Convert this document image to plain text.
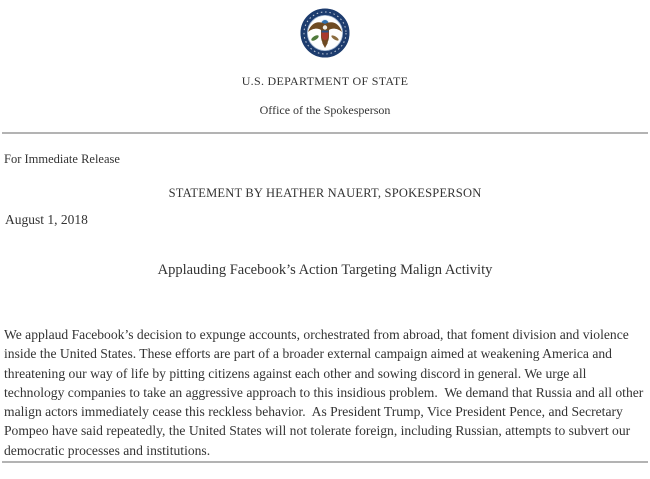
U.S. DEPARTMENT OF STATE
Office of the Spokesperson
For Immediate Release
STATEMENT BY HEATHER NAUERT, SPOKESPERSON
August 1, 2018
Applauding Facebook’s Action Targeting Malign Activity
We applaud Facebook’s decision to expunge accounts, orchestrated from abroad, that foment division and violence inside the United States. These efforts are part of a broader external campaign aimed at weakening America and threatening our way of life by pitting citizens against each other and sowing discord in general. We urge all technology companies to take an aggressive approach to this insidious problem.  We demand that Russia and all other malign actors immediately cease this reckless behavior.  As President Trump, Vice President Pence, and Secretary Pompeo have said repeatedly, the United States will not tolerate foreign, including Russian, attempts to subvert our democratic processes and institutions.
